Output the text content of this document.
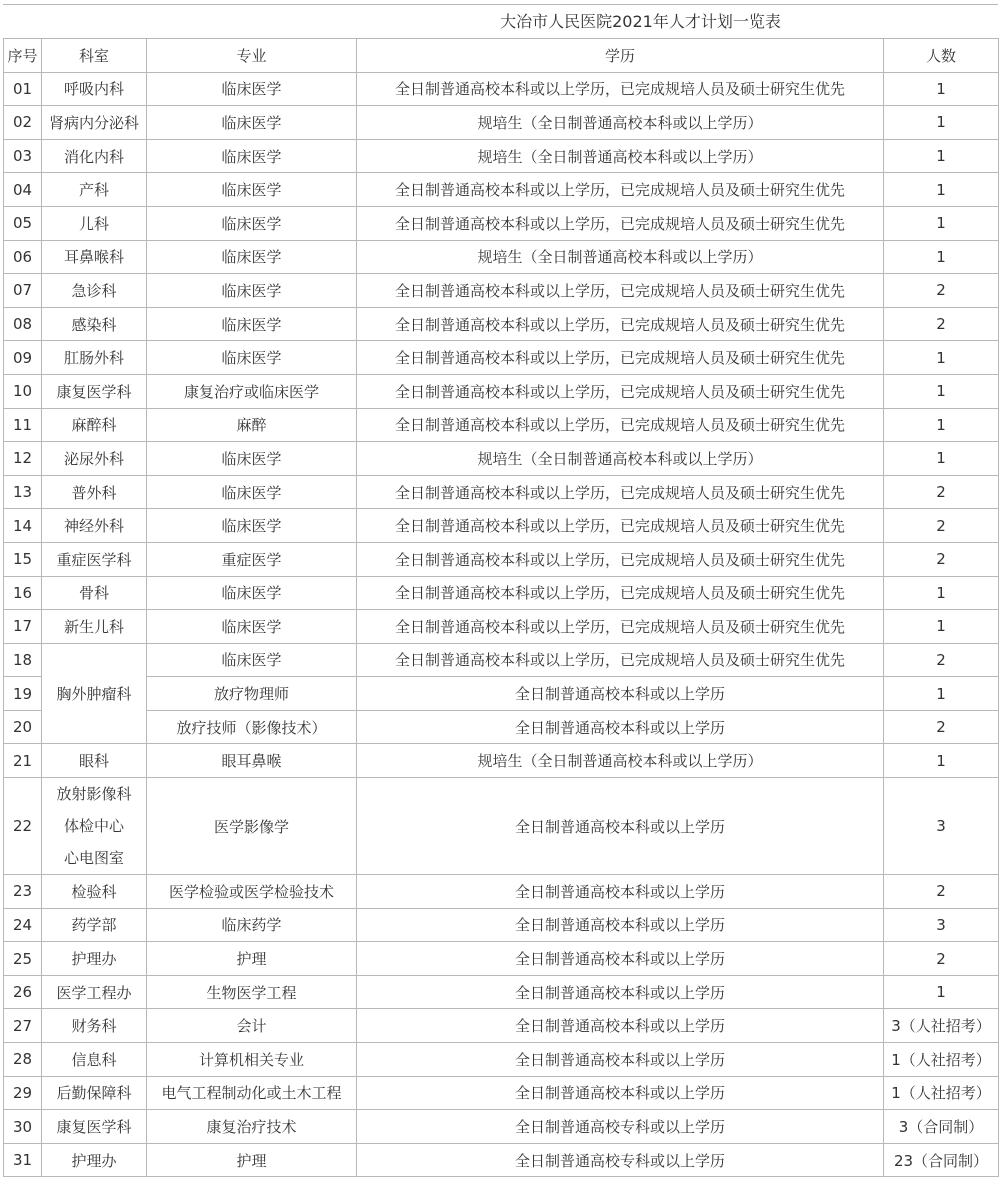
大冶市人民医院2021年人才计划一览表
序号	科室	专业	学历	人数
01	呼吸内科	临床医学	全日制普通高校本科或以上学历，已完成规培人员及硕士研究生优先	1
02	肾病内分泌科	临床医学	规培生（全日制普通高校本科或以上学历）	1
03	消化内科	临床医学	规培生（全日制普通高校本科或以上学历）	1
04	产科	临床医学	全日制普通高校本科或以上学历，已完成规培人员及硕士研究生优先	1
05	儿科	临床医学	全日制普通高校本科或以上学历，已完成规培人员及硕士研究生优先	1
06	耳鼻喉科	临床医学	规培生（全日制普通高校本科或以上学历）	1
07	急诊科	临床医学	全日制普通高校本科或以上学历，已完成规培人员及硕士研究生优先	2
08	感染科	临床医学	全日制普通高校本科或以上学历，已完成规培人员及硕士研究生优先	2
09	肛肠外科	临床医学	全日制普通高校本科或以上学历，已完成规培人员及硕士研究生优先	1
10	康复医学科	康复治疗或临床医学	全日制普通高校本科或以上学历，已完成规培人员及硕士研究生优先	1
11	麻醉科	麻醉	全日制普通高校本科或以上学历，已完成规培人员及硕士研究生优先	1
12	泌尿外科	临床医学	规培生（全日制普通高校本科或以上学历）	1
13	普外科	临床医学	全日制普通高校本科或以上学历，已完成规培人员及硕士研究生优先	2
14	神经外科	临床医学	全日制普通高校本科或以上学历，已完成规培人员及硕士研究生优先	2
15	重症医学科	重症医学	全日制普通高校本科或以上学历，已完成规培人员及硕士研究生优先	2
16	骨科	临床医学	全日制普通高校本科或以上学历，已完成规培人员及硕士研究生优先	1
17	新生儿科	临床医学	全日制普通高校本科或以上学历，已完成规培人员及硕士研究生优先	1
18	胸外肿瘤科	临床医学	全日制普通高校本科或以上学历，已完成规培人员及硕士研究生优先	2
19		放疗物理师	全日制普通高校本科或以上学历	1
20		放疗技师（影像技术）	全日制普通高校本科或以上学历	2
21	眼科	眼耳鼻喉	规培生（全日制普通高校本科或以上学历）	1
22	放射影像科
体检中心
心电图室	医学影像学	全日制普通高校本科或以上学历	3
23	检验科	医学检验或医学检验技术	全日制普通高校本科或以上学历	2
24	药学部	临床药学	全日制普通高校本科或以上学历	3
25	护理办	护理	全日制普通高校本科或以上学历	2
26	医学工程办	生物医学工程	全日制普通高校本科或以上学历	1
27	财务科	会计	全日制普通高校本科或以上学历	3（人社招考）
28	信息科	计算机相关专业	全日制普通高校本科或以上学历	1（人社招考）
29	后勤保障科	电气工程制动化或土木工程	全日制普通高校本科或以上学历	1（人社招考）
30	康复医学科	康复治疗技术	全日制普通高校专科或以上学历	3（合同制）
31	护理办	护理	全日制普通高校专科或以上学历	23（合同制）
